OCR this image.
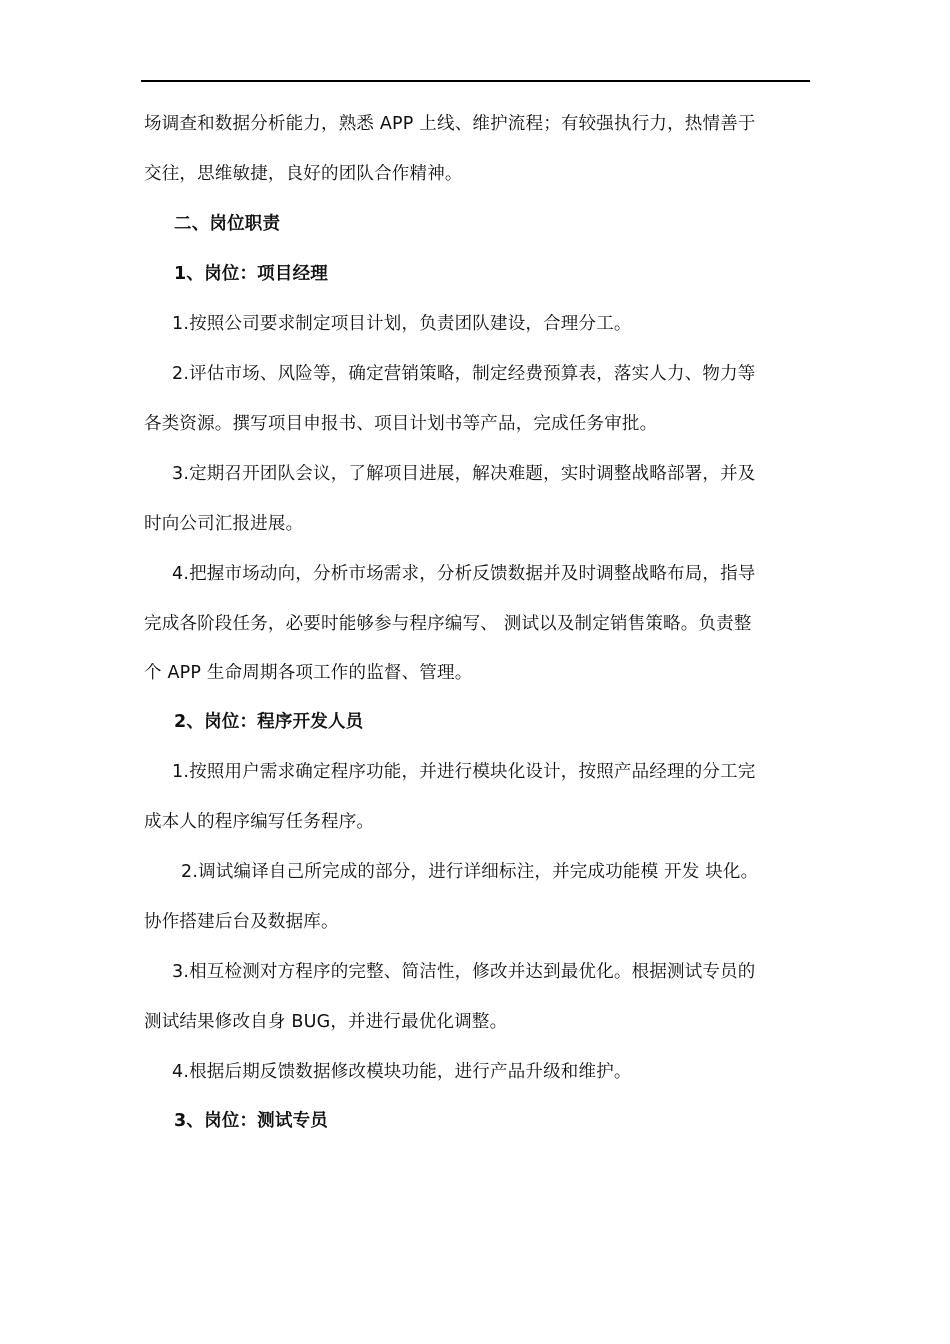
场调查和数据分析能力，熟悉 APP 上线、维护流程；有较强执行力，热情善于
交往，思维敏捷，良好的团队合作精神。
二、岗位职责
1、岗位：项目经理
1.按照公司要求制定项目计划，负责团队建设，合理分工。
2.评估市场、风险等，确定营销策略，制定经费预算表，落实人力、物力等
各类资源。撰写项目申报书、项目计划书等产品，完成任务审批。
3.定期召开团队会议，了解项目进展，解决难题，实时调整战略部署，并及
时向公司汇报进展。
4.把握市场动向，分析市场需求，分析反馈数据并及时调整战略布局，指导
完成各阶段任务，必要时能够参与程序编写、 测试以及制定销售策略。负责整
个 APP 生命周期各项工作的监督、管理。
2、岗位：程序开发人员
1.按照用户需求确定程序功能，并进行模块化设计，按照产品经理的分工完
成本人的程序编写任务程序。
2.调试编译自己所完成的部分，进行详细标注，并完成功能模 开发 块化。
协作搭建后台及数据库。
3.相互检测对方程序的完整、简洁性，修改并达到最优化。根据测试专员的
测试结果修改自身 BUG，并进行最优化调整。
4.根据后期反馈数据修改模块功能，进行产品升级和维护。
3、岗位：测试专员
